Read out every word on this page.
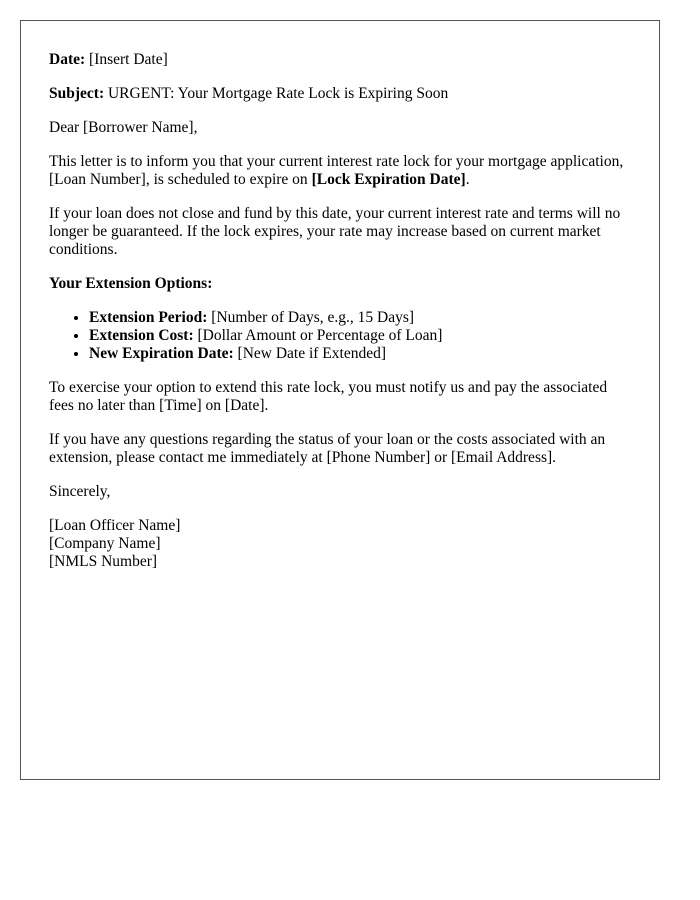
Date: [Insert Date]

Subject: URGENT: Your Mortgage Rate Lock is Expiring Soon

Dear [Borrower Name],

This letter is to inform you that your current interest rate lock for your mortgage application, [Loan Number], is scheduled to expire on [Lock Expiration Date].

If your loan does not close and fund by this date, your current interest rate and terms will no longer be guaranteed. If the lock expires, your rate may increase based on current market conditions.

Your Extension Options:

• Extension Period: [Number of Days, e.g., 15 Days]
• Extension Cost: [Dollar Amount or Percentage of Loan]
• New Expiration Date: [New Date if Extended]

To exercise your option to extend this rate lock, you must notify us and pay the associated fees no later than [Time] on [Date].

If you have any questions regarding the status of your loan or the costs associated with an extension, please contact me immediately at [Phone Number] or [Email Address].

Sincerely,

[Loan Officer Name]

[Company Name]

[NMLS Number]
